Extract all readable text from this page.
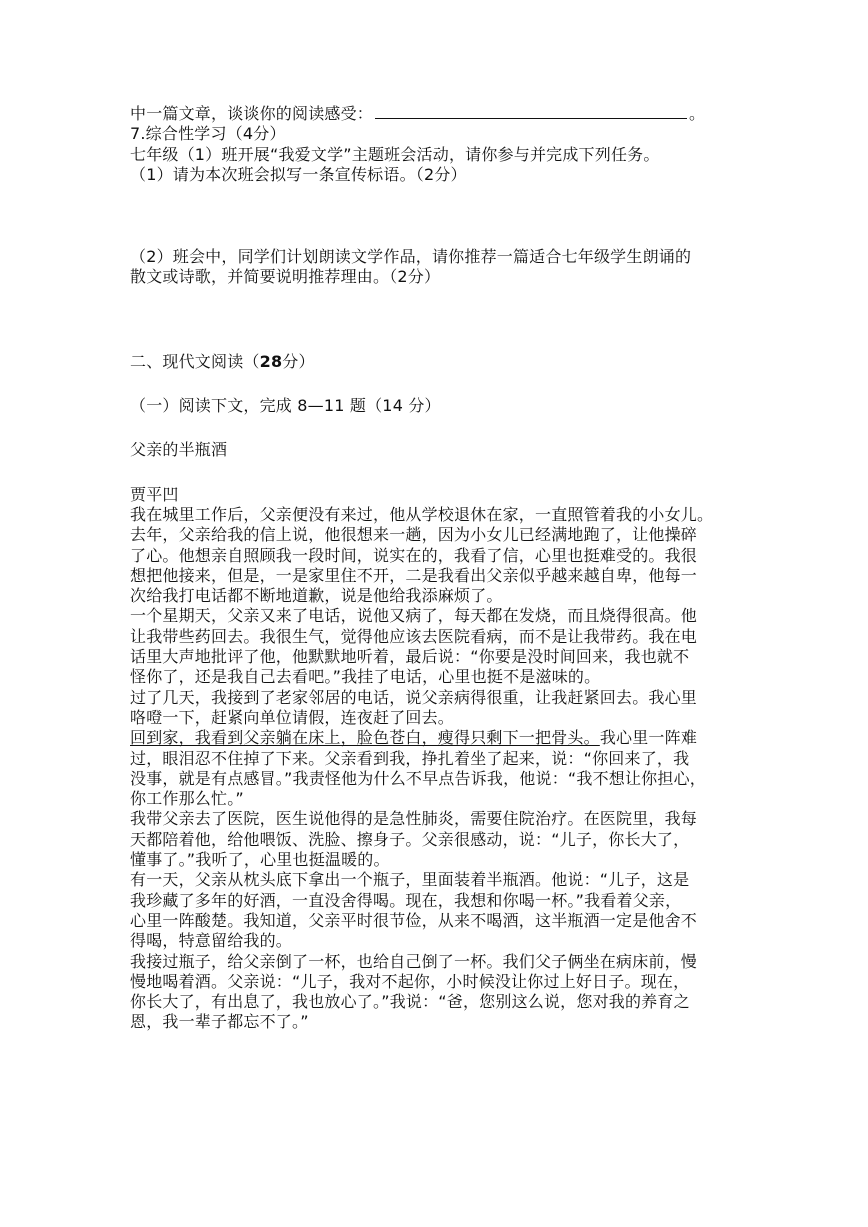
中一篇文章，谈谈你的阅读感受：	。
7.综合性学习（4分）
七年级（1）班开展“我爱文学”主题班会活动，请你参与并完成下列任务。
（1）请为本次班会拟写一条宣传标语。（2分）
（2）班会中，同学们计划朗读文学作品，请你推荐一篇适合七年级学生朗诵的
散文或诗歌，并简要说明推荐理由。（2分）
二、现代文阅读（28分）
（一）阅读下文，完成 8—11 题（14 分）
父亲的半瓶酒
贾平凹
我在城里工作后，父亲便没有来过，他从学校退休在家，一直照管着我的小女儿。
去年，父亲给我的信上说，他很想来一趟，因为小女儿已经满地跑了，让他操碎
了心。他想亲自照顾我一段时间，说实在的，我看了信，心里也挺难受的。我很
想把他接来，但是，一是家里住不开，二是我看出父亲似乎越来越自卑，他每一
次给我打电话都不断地道歉，说是他给我添麻烦了。
一个星期天，父亲又来了电话，说他又病了，每天都在发烧，而且烧得很高。他
让我带些药回去。我很生气，觉得他应该去医院看病，而不是让我带药。我在电
话里大声地批评了他，他默默地听着，最后说：“你要是没时间回来，我也就不
怪你了，还是我自己去看吧。”我挂了电话，心里也挺不是滋味的。
过了几天，我接到了老家邻居的电话，说父亲病得很重，让我赶紧回去。我心里
咯噔一下，赶紧向单位请假，连夜赶了回去。
回到家，我看到父亲躺在床上，脸色苍白，瘦得只剩下一把骨头。我心里一阵难
过，眼泪忍不住掉了下来。父亲看到我，挣扎着坐了起来，说：“你回来了，我
没事，就是有点感冒。”我责怪他为什么不早点告诉我，他说：“我不想让你担心，
你工作那么忙。”
我带父亲去了医院，医生说他得的是急性肺炎，需要住院治疗。在医院里，我每
天都陪着他，给他喂饭、洗脸、擦身子。父亲很感动，说：“儿子，你长大了，
懂事了。”我听了，心里也挺温暖的。
有一天，父亲从枕头底下拿出一个瓶子，里面装着半瓶酒。他说：“儿子，这是
我珍藏了多年的好酒，一直没舍得喝。现在，我想和你喝一杯。”我看着父亲，
心里一阵酸楚。我知道，父亲平时很节俭，从来不喝酒，这半瓶酒一定是他舍不
得喝，特意留给我的。
我接过瓶子，给父亲倒了一杯，也给自己倒了一杯。我们父子俩坐在病床前，慢
慢地喝着酒。父亲说：“儿子，我对不起你，小时候没让你过上好日子。现在，
你长大了，有出息了，我也放心了。”我说：“爸，您别这么说，您对我的养育之
恩，我一辈子都忘不了。”
